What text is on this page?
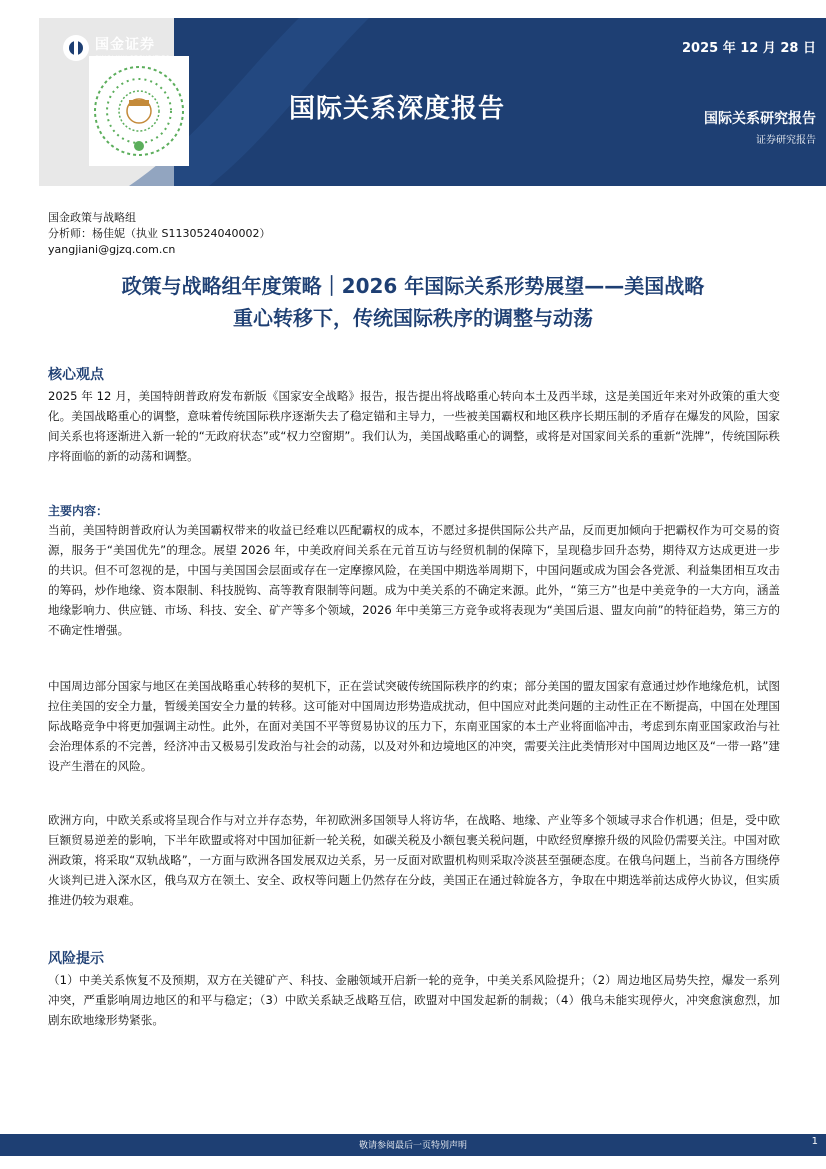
国金证券	2025 年 12 月 28 日
国际关系深度报告	国际关系研究报告
证券研究报告
国金政策与战略组
分析师：杨佳妮（执业 S1130524040002）
yangjiani@gjzq.com.cn
政策与战略组年度策略｜2026 年国际关系形势展望——美国战略
重心转移下，传统国际秩序的调整与动荡
核心观点
2025 年 12 月，美国特朗普政府发布新版《国家安全战略》报告，报告提出将战略重心转向本土及西半球，这是美国近年来对外政策的重大变化。美国战略重心的调整，意味着传统国际秩序逐渐失去了稳定锚和主导力，一些被美国霸权和地区秩序长期压制的矛盾存在爆发的风险，国家间关系也将逐渐进入新一轮的“无政府状态”或“权力空窗期”。我们认为，美国战略重心的调整，或将是对国家间关系的重新“洗牌”，传统国际秩序将面临的新的动荡和调整。
主要内容：
当前，美国特朗普政府认为美国霸权带来的收益已经难以匹配霸权的成本，不愿过多提供国际公共产品，反而更加倾向于把霸权作为可交易的资源，服务于“美国优先”的理念。展望 2026 年，中美政府间关系在元首互访与经贸机制的保障下，呈现稳步回升态势，期待双方达成更进一步的共识。但不可忽视的是，中国与美国国会层面或存在一定摩擦风险，在美国中期选举周期下，中国问题或成为国会各党派、利益集团相互攻击的筹码，炒作地缘、资本限制、科技脱钩、高等教育限制等问题。成为中美关系的不确定来源。此外，“第三方”也是中美竞争的一大方向，涵盖地缘影响力、供应链、市场、科技、安全、矿产等多个领域，2026 年中美第三方竞争或将表现为“美国后退、盟友向前”的特征趋势，第三方的不确定性增强。
中国周边部分国家与地区在美国战略重心转移的契机下，正在尝试突破传统国际秩序的约束；部分美国的盟友国家有意通过炒作地缘危机，试图拉住美国的安全力量，暂缓美国安全力量的转移。这可能对中国周边形势造成扰动，但中国应对此类问题的主动性正在不断提高，中国在处理国际战略竞争中将更加强调主动性。此外，在面对美国不平等贸易协议的压力下，东南亚国家的本土产业将面临冲击，考虑到东南亚国家政治与社会治理体系的不完善，经济冲击又极易引发政治与社会的动荡，以及对外和边境地区的冲突，需要关注此类情形对中国周边地区及“一带一路”建设产生潜在的风险。
欧洲方向，中欧关系或将呈现合作与对立并存态势，年初欧洲多国领导人将访华，在战略、地缘、产业等多个领域寻求合作机遇；但是，受中欧巨额贸易逆差的影响，下半年欧盟或将对中国加征新一轮关税，如碳关税及小额包裹关税问题，中欧经贸摩擦升级的风险仍需要关注。中国对欧洲政策，将采取“双轨战略”，一方面与欧洲各国发展双边关系，另一反面对欧盟机构则采取冷淡甚至强硬态度。在俄乌问题上，当前各方围绕停火谈判已进入深水区，俄乌双方在领土、安全、政权等问题上仍然存在分歧，美国正在通过斡旋各方，争取在中期选举前达成停火协议，但实质推进仍较为艰难。
风险提示
（1）中美关系恢复不及预期，双方在关键矿产、科技、金融领域开启新一轮的竞争，中美关系风险提升；（2）周边地区局势失控，爆发一系列冲突，严重影响周边地区的和平与稳定；（3）中欧关系缺乏战略互信，欧盟对中国发起新的制裁；（4）俄乌未能实现停火，冲突愈演愈烈，加剧东欧地缘形势紧张。
敬请参阅最后一页特别声明	1
